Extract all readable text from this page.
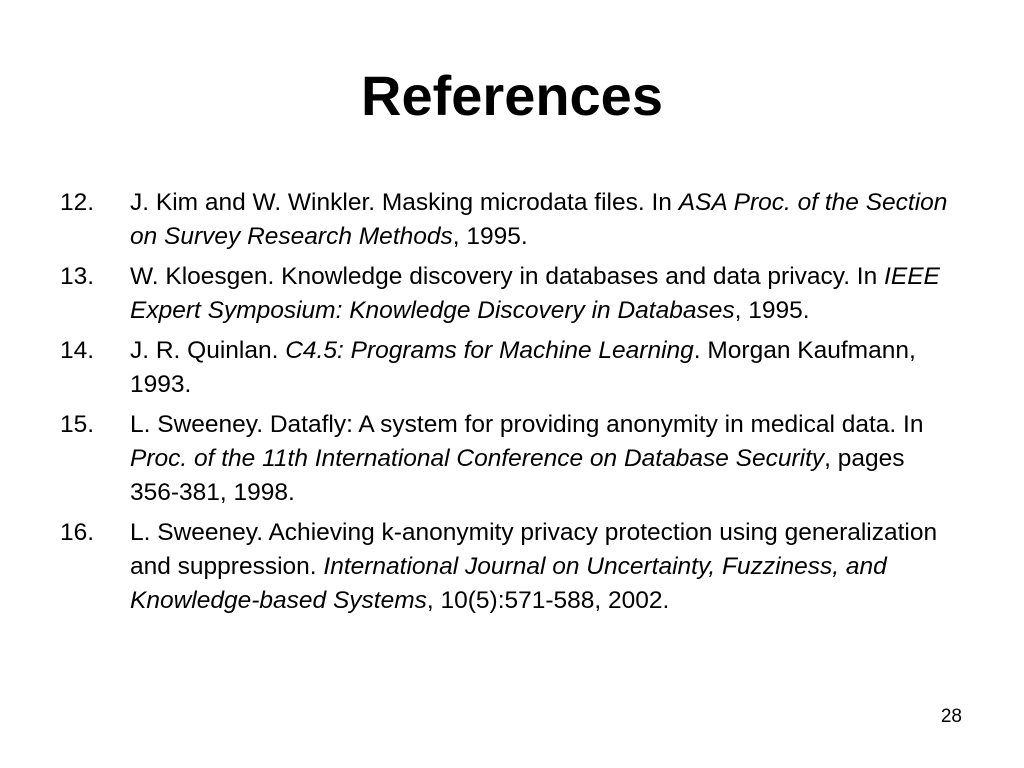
References
12. J. Kim and W. Winkler. Masking microdata files. In ASA Proc. of the Section on Survey Research Methods, 1995.
13. W. Kloesgen. Knowledge discovery in databases and data privacy. In IEEE Expert Symposium: Knowledge Discovery in Databases, 1995.
14. J. R. Quinlan. C4.5: Programs for Machine Learning. Morgan Kaufmann, 1993.
15. L. Sweeney. Datafly: A system for providing anonymity in medical data. In Proc. of the 11th International Conference on Database Security, pages 356-381, 1998.
16. L. Sweeney. Achieving k-anonymity privacy protection using generalization and suppression. International Journal on Uncertainty, Fuzziness, and Knowledge-based Systems, 10(5):571-588, 2002.
28
